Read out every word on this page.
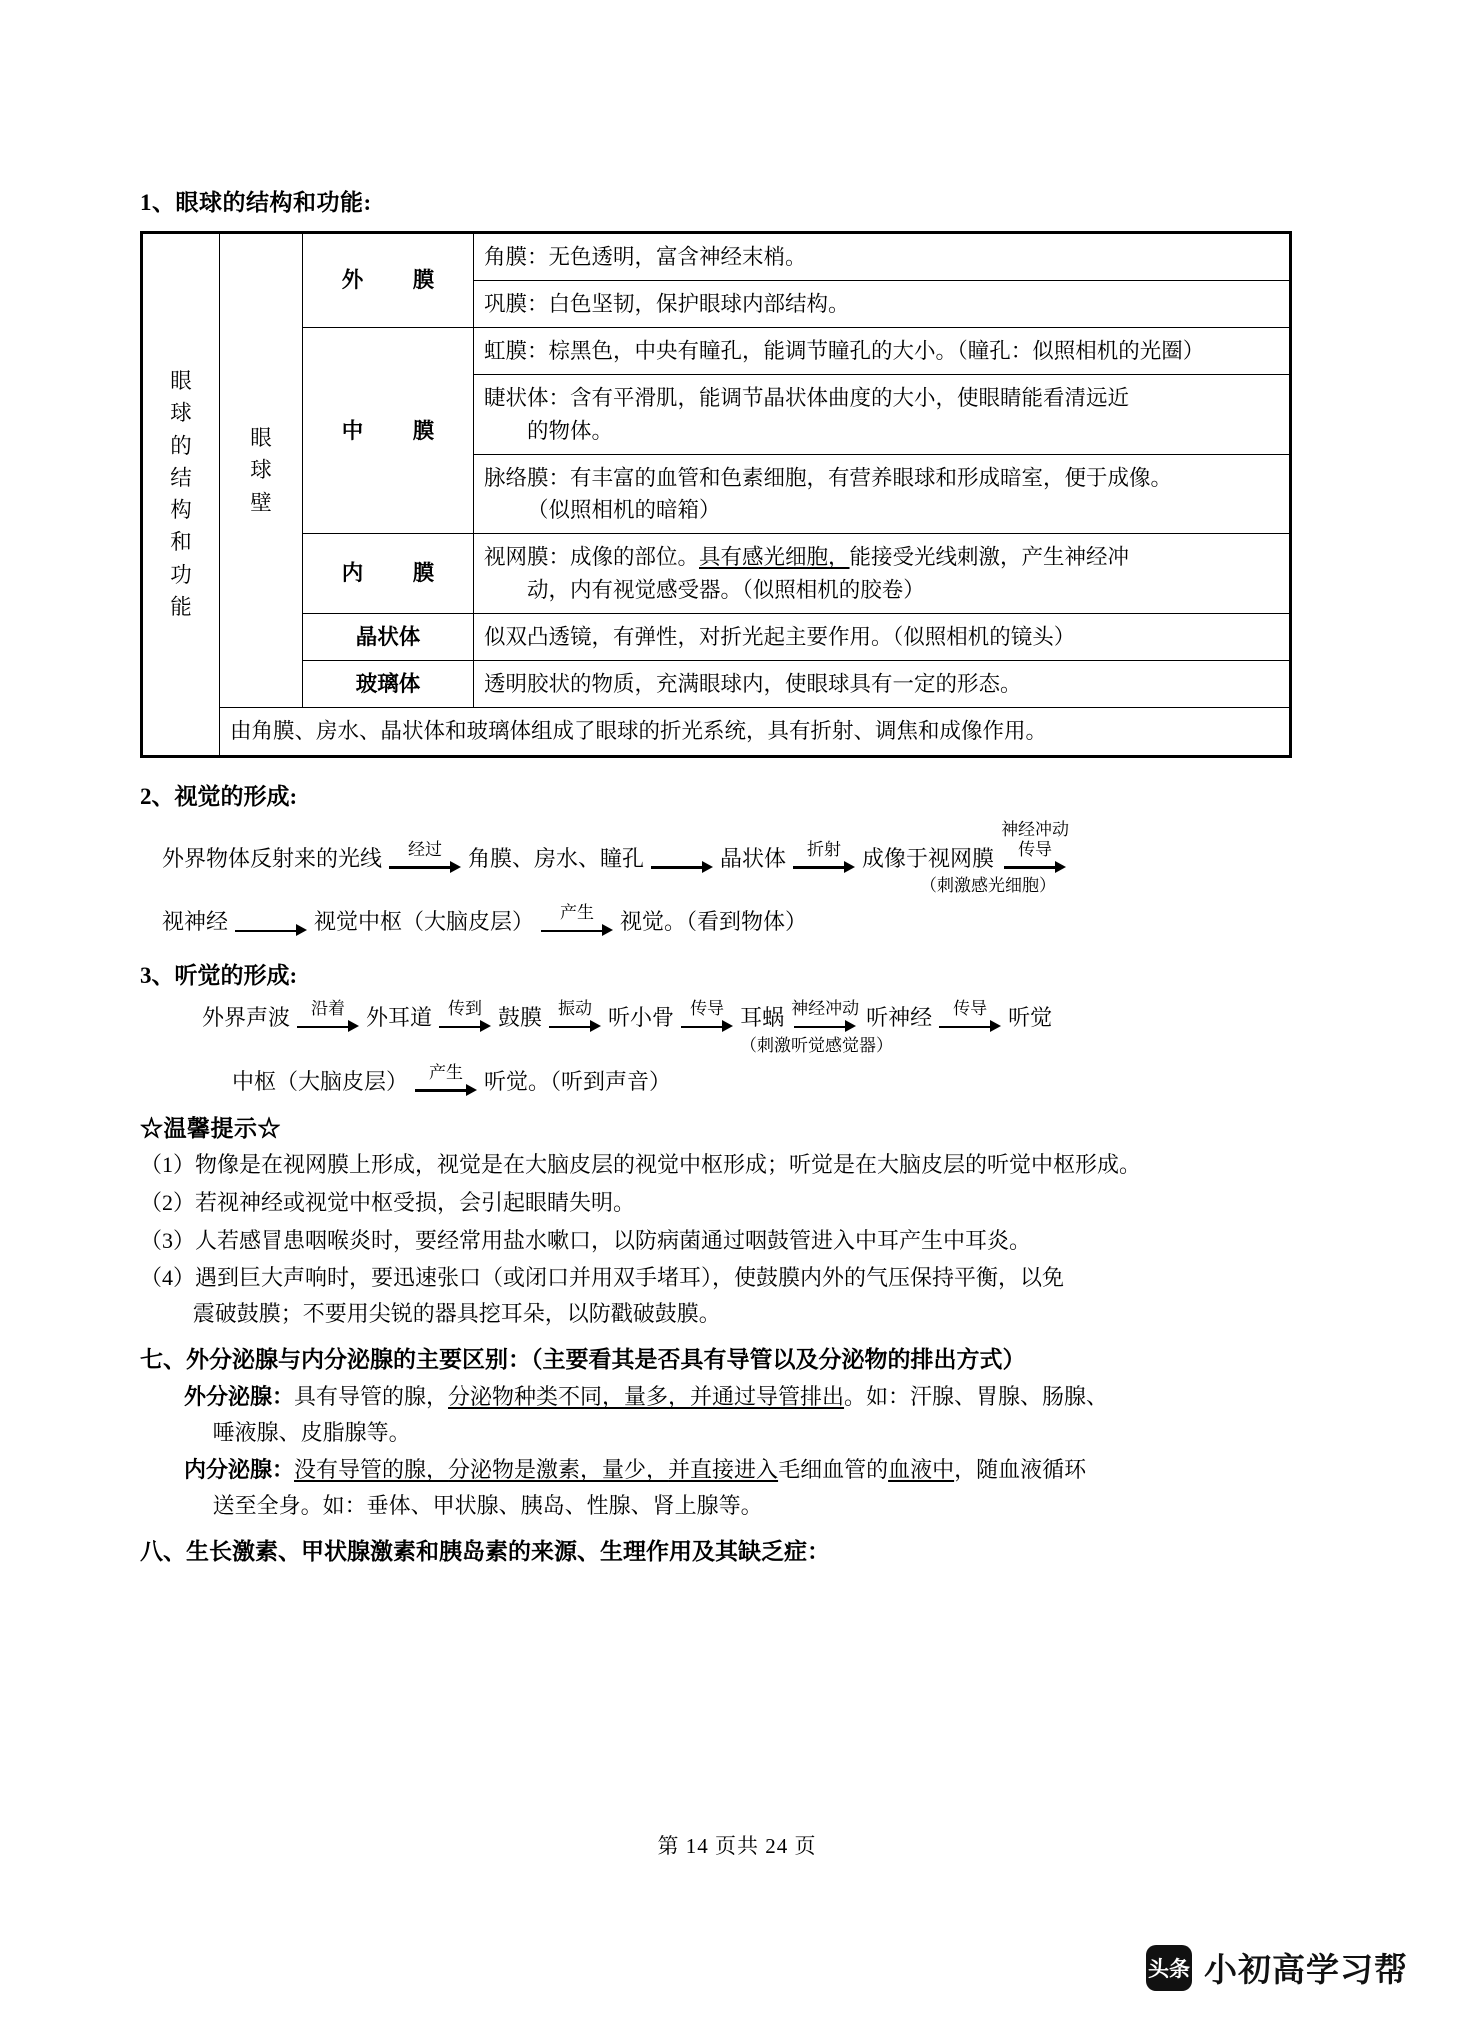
1、眼球的结构和功能:
眼
球
的
结
构
和
功
能

眼
球
壁
	外　膜	角膜：无色透明，富含神经末梢。
			巩膜：白色坚韧，保护眼球内部结构。
		中　膜	虹膜：棕黑色，中央有瞳孔，能调节瞳孔的大小。（瞳孔：似照相机的光圈）
			睫状体：含有平滑肌，能调节晶状体曲度的大小，使眼睛能看清远近
的物体。

			脉络膜：有丰富的血管和色素细胞，有营养眼球和形成暗室，便于成像。
（似照相机的暗箱）

		内　膜	视网膜：成像的部位。具有感光细胞，能接受光线刺激，产生神经冲
动，内有视觉感受器。（似照相机的胶卷）

		晶状体	似双凸透镜，有弹性，对折光起主要作用。（似照相机的镜头）
		玻璃体	透明胶状的物质，充满眼球内，使眼球具有一定的形态。
	由角膜、房水、晶状体和玻璃体组成了眼球的折光系统，具有折射、调焦和成像作用。		
2、视觉的形成:
外界物体反射来的光线 经过 角膜、房水、瞳孔	晶状体 折射 成像于视网膜
神经冲动
传导
（刺激感光细胞）
视神经	视觉中枢（大脑皮层） 产生 视觉。（看到物体）
3、听觉的形成:
外界声波 沿着 外耳道 传到 鼓膜 振动 听小骨 传导 耳蜗 神经冲动 听神经 传导 听觉
（刺激听觉感觉器）
中枢（大脑皮层） 产生 听觉。（听到声音）
☆温馨提示☆

（1）物像是在视网膜上形成，视觉是在大脑皮层的视觉中枢形成；听觉是在大脑皮层的听觉中枢形成。

（2）若视神经或视觉中枢受损，会引起眼睛失明。

（3）人若感冒患咽喉炎时，要经常用盐水嗽口，以防病菌通过咽鼓管进入中耳产生中耳炎。

（4）遇到巨大声响时，要迅速张口（或闭口并用双手堵耳），使鼓膜内外的气压保持平衡，以免
震破鼓膜；不要用尖锐的器具挖耳朵，以防戳破鼓膜。

七、外分泌腺与内分泌腺的主要区别：（主要看其是否具有导管以及分泌物的排出方式）

外分泌腺：具有导管的腺，分泌物种类不同，量多，并通过导管排出。如：汗腺、胃腺、肠腺、
唾液腺、皮脂腺等。

内分泌腺：没有导管的腺，分泌物是激素，量少，并直接进入毛细血管的血液中，随血液循环
送至全身。如：垂体、甲状腺、胰岛、性腺、肾上腺等。

八、生长激素、甲状腺激素和胰岛素的来源、生理作用及其缺乏症：
第 14 页共 24 页
头条 小初高学习帮
